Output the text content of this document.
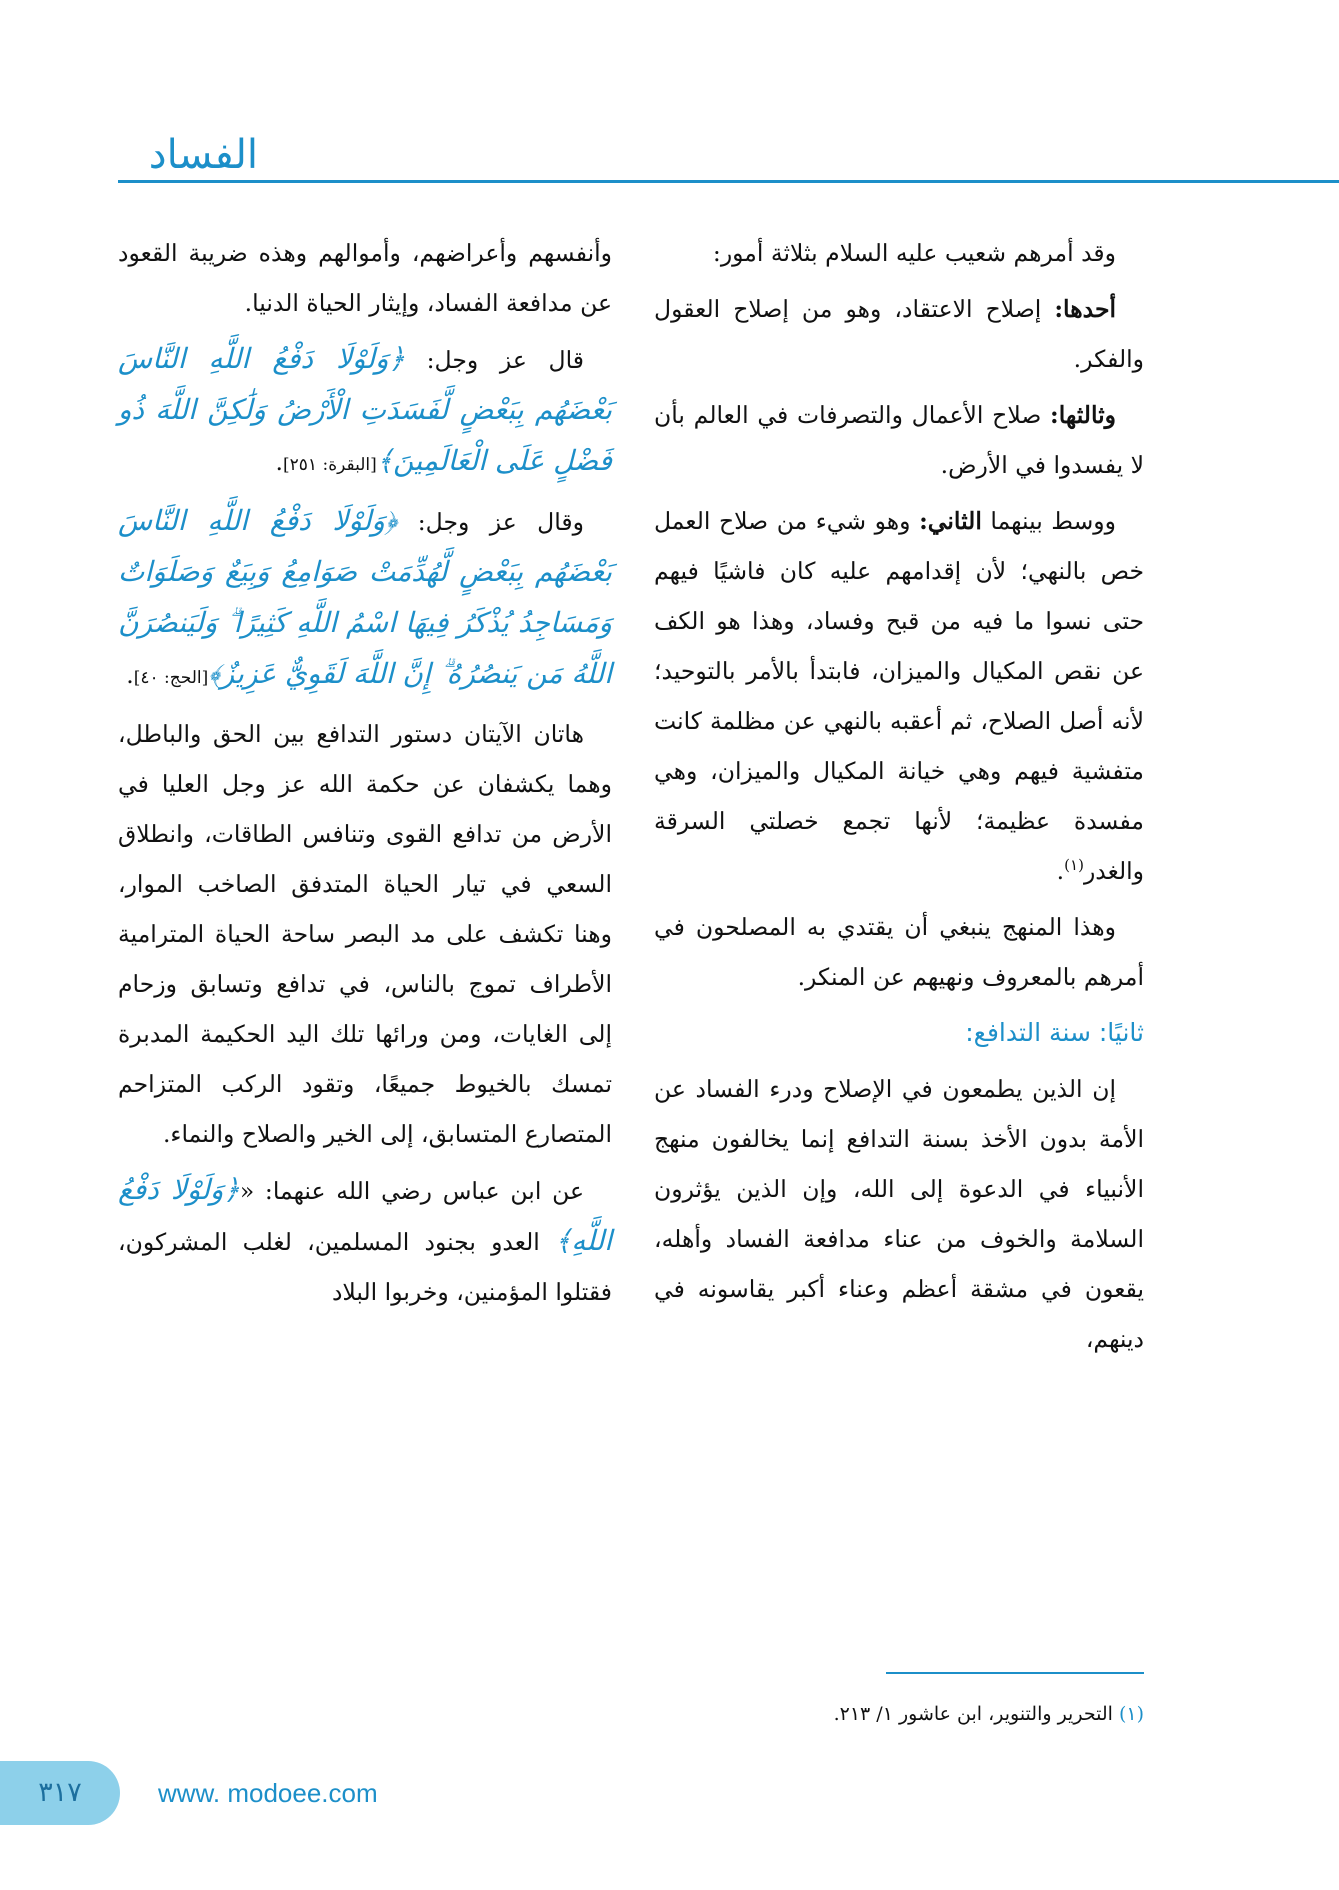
الفساد

وقد أمرهم شعيب عليه السلام بثلاثة أمور:

أحدها: إصلاح الاعتقاد، وهو من إصلاح العقول والفكر.

وثالثها: صلاح الأعمال والتصرفات في العالم بأن لا يفسدوا في الأرض.

ووسط بينهما الثاني: وهو شيء من صلاح العمل خص بالنهي؛ لأن إقدامهم عليه كان فاشيًا فيهم حتى نسوا ما فيه من قبح وفساد، وهذا هو الكف عن نقص المكيال والميزان، فابتدأ بالأمر بالتوحيد؛ لأنه أصل الصلاح، ثم أعقبه بالنهي عن مظلمة كانت متفشية فيهم وهي خيانة المكيال والميزان، وهي مفسدة عظيمة؛ لأنها تجمع خصلتي السرقة والغدر$^{(١)}$.

وهذا المنهج ينبغي أن يقتدي به المصلحون في أمرهم بالمعروف ونهيهم عن المنكر.

ثانيًا: سنة التدافع:

إن الذين يطمعون في الإصلاح ودرء الفساد عن الأمة بدون الأخذ بسنة التدافع إنما يخالفون منهج الأنبياء في الدعوة إلى الله، وإن الذين يؤثرون السلامة والخوف من عناء مدافعة الفساد وأهله، يقعون في مشقة أعظم وعناء أكبر يقاسونه في دينهم،

وأنفسهم وأعراضهم، وأموالهم وهذه ضريبة القعود عن مدافعة الفساد، وإيثار الحياة الدنيا.

قال عز وجل: ﴿وَلَوْلَا دَفْعُ اللَّهِ النَّاسَ بَعْضَهُم بِبَعْضٍ لَّفَسَدَتِ الْأَرْضُ وَلَٰكِنَّ اللَّهَ ذُو فَضْلٍ عَلَى الْعَالَمِينَ﴾[البقرة: ٢٥١].

وقال عز وجل: ﴿وَلَوْلَا دَفْعُ اللَّهِ النَّاسَ بَعْضَهُم بِبَعْضٍ لَّهُدِّمَتْ صَوَامِعُ وَبِيَعٌ وَصَلَوَاتٌ وَمَسَاجِدُ يُذْكَرُ فِيهَا اسْمُ اللَّهِ كَثِيرًا ۗ وَلَيَنصُرَنَّ اللَّهُ مَن يَنصُرُهُ ۗ إِنَّ اللَّهَ لَقَوِيٌّ عَزِيزٌ﴾[الحج: ٤٠].

هاتان الآيتان دستور التدافع بين الحق والباطل، وهما يكشفان عن حكمة الله عز وجل العليا في الأرض من تدافع القوى وتنافس الطاقات، وانطلاق السعي في تيار الحياة المتدفق الصاخب الموار، وهنا تكشف على مد البصر ساحة الحياة المترامية الأطراف تموج بالناس، في تدافع وتسابق وزحام إلى الغايات، ومن ورائها تلك اليد الحكيمة المدبرة تمسك بالخيوط جميعًا، وتقود الركب المتزاحم المتصارع المتسابق، إلى الخير والصلاح والنماء.

عن ابن عباس رضي الله عنهما: «﴿وَلَوْلَا دَفْعُ اللَّهِ﴾ العدو بجنود المسلمين، لغلب المشركون، فقتلوا المؤمنين، وخربوا البلاد

(١) التحرير والتنوير، ابن عاشور ١/ ٢١٣.
٣١٧	www. modoee.com
